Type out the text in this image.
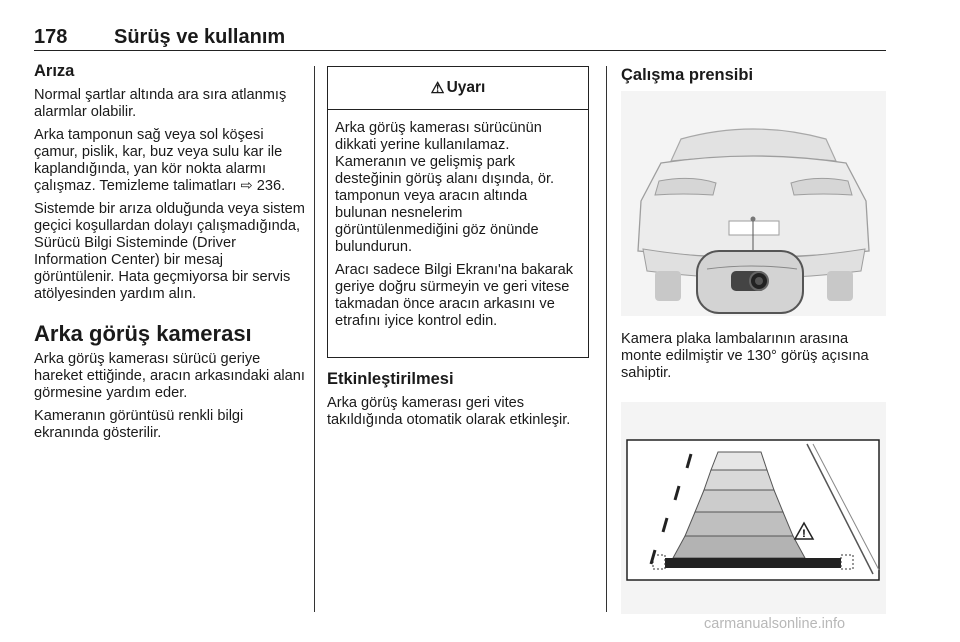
178 Sürüş ve kullanım
Arıza

Normal şartlar altında ara sıra atlanmış alarmlar olabilir.

Arka tamponun sağ veya sol köşesi çamur, pislik, kar, buz veya sulu kar ile kaplandığında, yan kör nokta alarmı çalışmaz. Temizleme talimatları ⇨ 236.

Sistemde bir arıza olduğunda veya sistem geçici koşullardan dolayı çalışmadığında, Sürücü Bilgi Sisteminde (Driver Information Center) bir mesaj görüntülenir. Hata geçmiyorsa bir servis atölyesinden yardım alın.

Arka görüş kamerası

Arka görüş kamerası sürücü geriye hareket ettiğinde, aracın arkasındaki alanı görmesine yardım eder.

Kameranın görüntüsü renkli bilgi ekranında gösterilir.

⚠ Uyarı

Arka görüş kamerası sürücünün dikkati yerine kullanılamaz. Kameranın ve gelişmiş park desteğinin görüş alanı dışında, ör. tamponun veya aracın altında bulunan nesnelerim görüntülenmediğini göz önünde bulundurun.

Aracı sadece Bilgi Ekranı'na bakarak geriye doğru sürmeyin ve geri vitese takmadan önce aracın arkasını ve etrafını iyice kontrol edin.

Etkinleştirilmesi

Arka görüş kamerası geri vites takıldığında otomatik olarak etkinleşir.

Çalışma prensibi

Kamera plaka lambalarının arasına monte edilmiştir ve 130° görüş açısına sahiptir.

!
carmanualsonline.info
